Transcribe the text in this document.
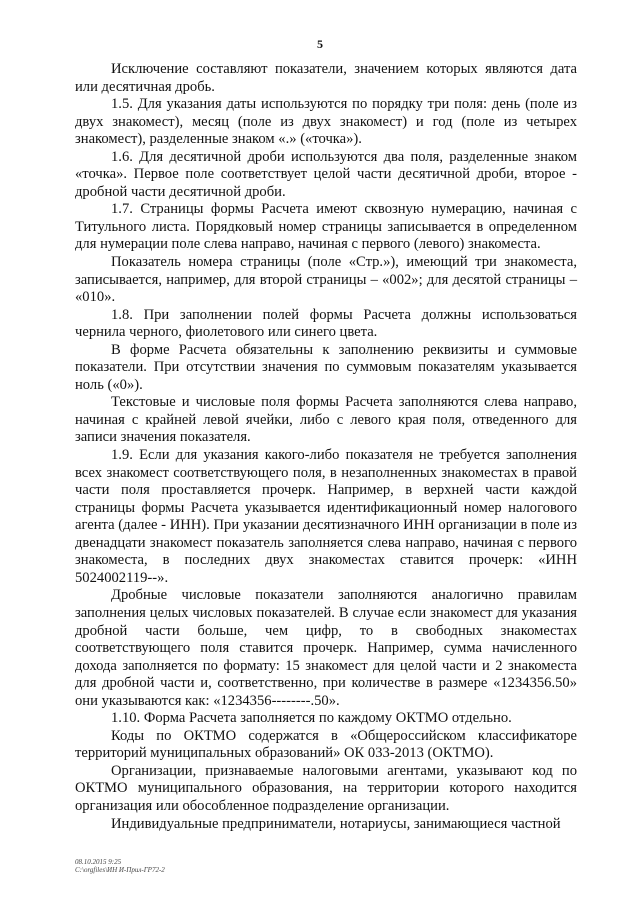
5

Исключение составляют показатели, значением которых являются дата или десятичная дробь.

1.5. Для указания даты используются по порядку три поля: день (поле из двух знакомест), месяц (поле из двух знакомест) и год (поле из четырех знакомест), разделенные знаком «.» («точка»).

1.6. Для десятичной дроби используются два поля, разделенные знаком «точка». Первое поле соответствует целой части десятичной дроби, второе - дробной части десятичной дроби.

1.7. Страницы формы Расчета имеют сквозную нумерацию, начиная с Титульного листа. Порядковый номер страницы записывается в определенном для нумерации поле слева направо, начиная с первого (левого) знакоместа.

Показатель номера страницы (поле «Стр.»), имеющий три знакоместа, записывается, например, для второй страницы – «002»; для десятой страницы – «010».

1.8. При заполнении полей формы Расчета должны использоваться чернила черного, фиолетового или синего цвета.

В форме Расчета обязательны к заполнению реквизиты и суммовые показатели. При отсутствии значения по суммовым показателям указывается ноль («0»).

Текстовые и числовые поля формы Расчета заполняются слева направо, начиная с крайней левой ячейки, либо с левого края поля, отведенного для записи значения показателя.

1.9. Если для указания какого-либо показателя не требуется заполнения всех знакомест соответствующего поля, в незаполненных знакоместах в правой части поля проставляется прочерк. Например, в верхней части каждой страницы формы Расчета указывается идентификационный номер налогового агента (далее - ИНН). При указании десятизначного ИНН организации в поле из двенадцати знакомест показатель заполняется слева направо, начиная с первого знакоместа, в последних двух знакоместах ставится прочерк: «ИНН 5024002119--».

Дробные числовые показатели заполняются аналогично правилам заполнения целых числовых показателей. В случае если знакомест для указания дробной части больше, чем цифр, то в свободных знакоместах соответствующего поля ставится прочерк. Например, сумма начисленного дохода заполняется по формату: 15 знакомест для целой части и 2 знакоместа для дробной части и, соответственно, при количестве в размере «1234356.50» они указываются как: «1234356--------.50».

1.10. Форма Расчета заполняется по каждому ОКТМО отдельно.

Коды по ОКТМО содержатся в «Общероссийском классификаторе территорий муниципальных образований» ОК 033-2013 (ОКТМО).

Организации, признаваемые налоговыми агентами, указывают код по ОКТМО муниципального образования, на территории которого находится организация или обособленное подразделение организации.

Индивидуальные предприниматели, нотариусы, занимающиеся частной

08.10.2015 9:25
С:\orgfiles\ИН И-Прил-ГР72-2
